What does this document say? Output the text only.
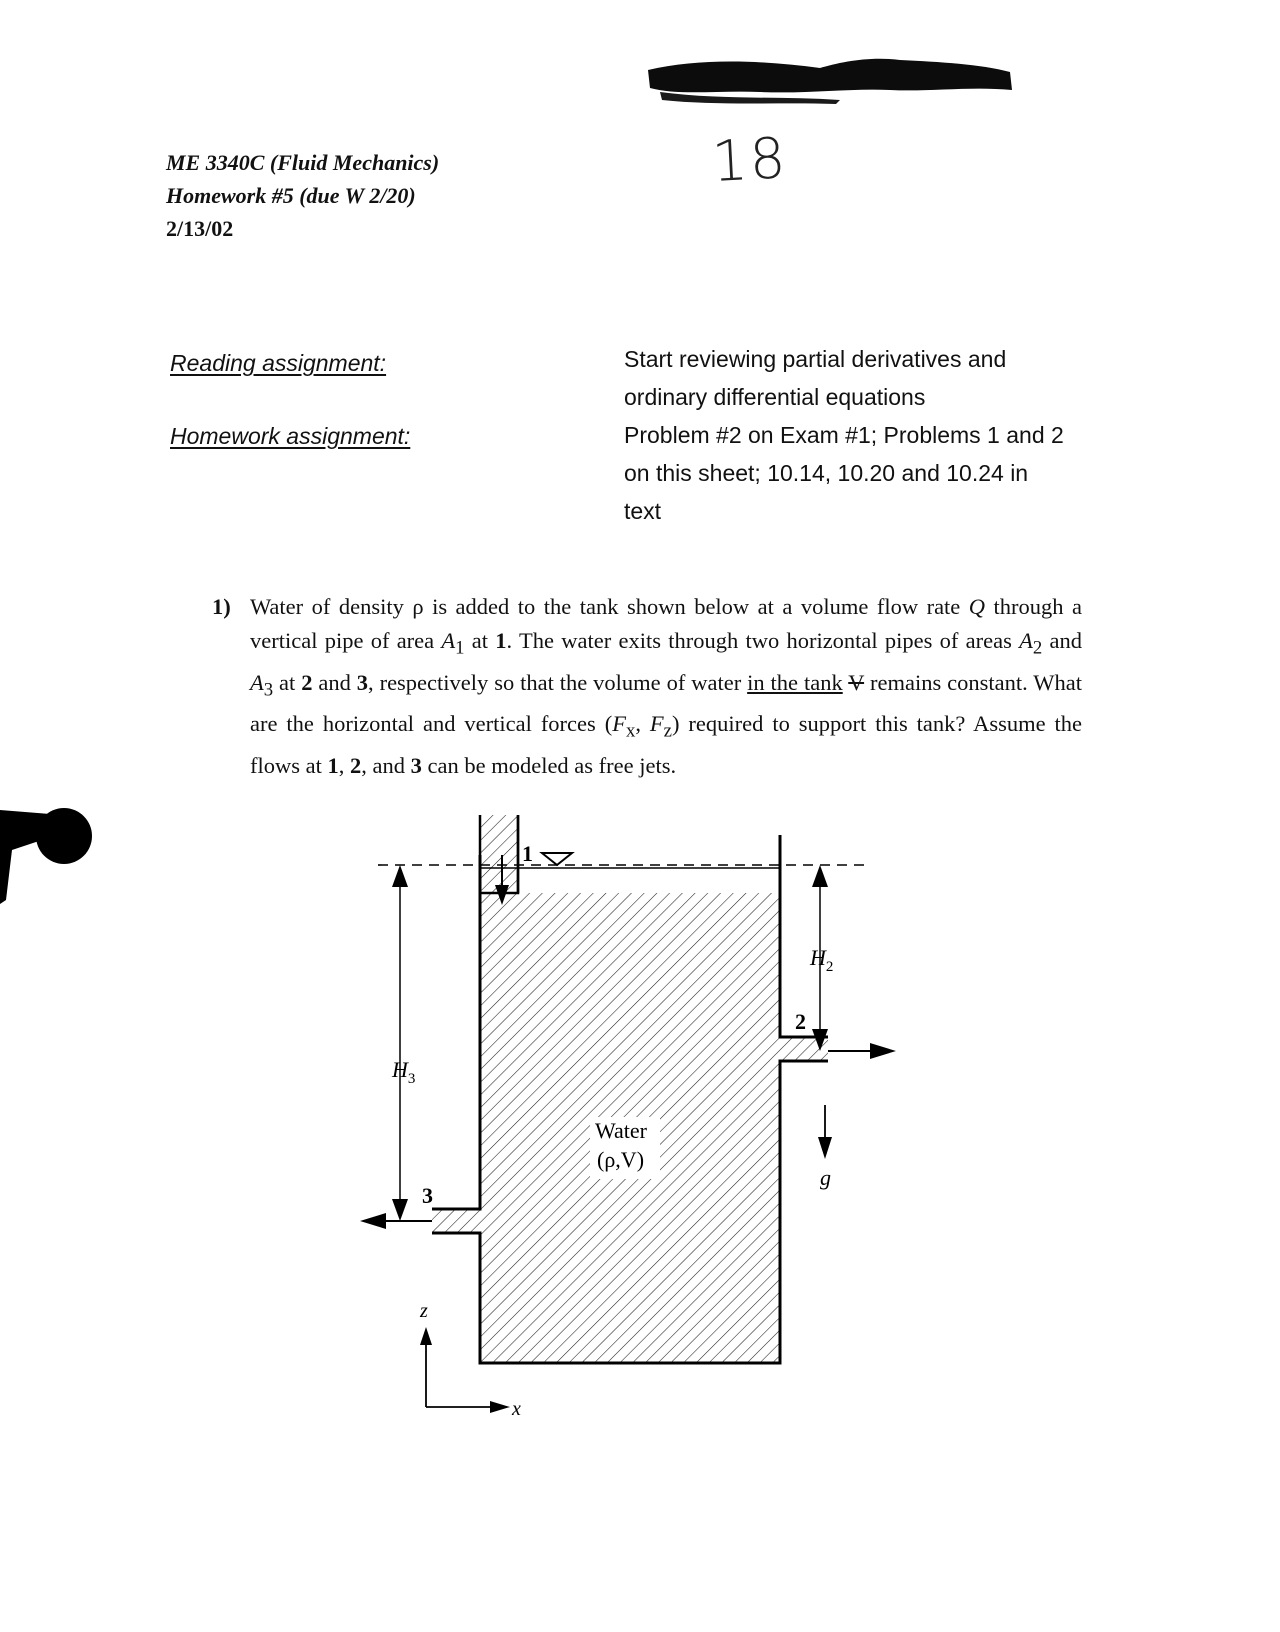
ME 3340C (Fluid Mechanics)
Homework #5 (due W 2/20)
2/13/02
18
Reading assignment:	Start reviewing partial derivatives and ordinary differential equations
Homework assignment:	Problem #2 on Exam #1; Problems 1 and 2 on this sheet; 10.14, 10.20 and 10.24 in text
1) Water of density ρ is added to the tank shown below at a volume flow rate Q through a vertical pipe of area $A_1$ at 1. The water exits through two horizontal pipes of areas $A_2$ and $A_3$ at 2 and 3, respectively so that the volume of water in the tank V remains constant. What are the horizontal and vertical forces ($F_x$, $F_z$) required to support this tank? Assume the flows at 1, 2, and 3 can be modeled as free jets.
1
2
3
$H_3$
$H_2$
Water
(ρ,V)
g
z
x
